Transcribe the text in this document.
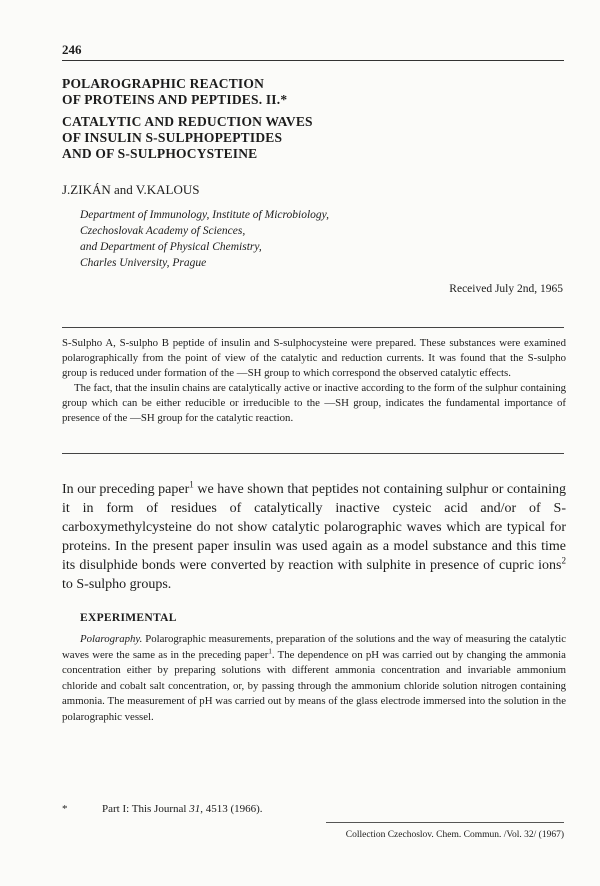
246
POLAROGRAPHIC REACTION
OF PROTEINS AND PEPTIDES. II.*
CATALYTIC AND REDUCTION WAVES
OF INSULIN S-SULPHOPEPTIDES
AND OF S-SULPHOCYSTEINE
J.ZIKÁN and V.KALOUS
Department of Immunology, Institute of Microbiology,
Czechoslovak Academy of Sciences,
and Department of Physical Chemistry,
Charles University, Prague
Received July 2nd, 1965

S-Sulpho A, S-sulpho B peptide of insulin and S-sulphocysteine were prepared. These substances were examined polarographically from the point of view of the catalytic and reduction currents. It was found that the S-sulpho group is reduced under formation of the —SH group to which correspond the observed catalytic effects.

The fact, that the insulin chains are catalytically active or inactive according to the form of the sulphur containing group which can be either reducible or irreducible to the —SH group, indicates the fundamental importance of presence of the —SH group for the catalytic reaction.

In our preceding paper$^1$ we have shown that peptides not containing sulphur or containing it in form of residues of catalytically inactive cysteic acid and/or of S-carboxymethylcysteine do not show catalytic polarographic waves which are typical for proteins. In the present paper insulin was used again as a model substance and this time its disulphide bonds were converted by reaction with sulphite in presence of cupric ions$^2$ to S-sulpho groups.

EXPERIMENTAL

Polarography. Polarographic measurements, preparation of the solutions and the way of measuring the catalytic waves were the same as in the preceding paper$^1$. The dependence on pH was carried out by changing the ammonia concentration either by preparing solutions with different ammonia concentration and invariable ammonium chloride and cobalt salt concentration, or, by passing through the ammonium chloride solution nitrogen containing ammonia. The measurement of pH was carried out by means of the glass electrode immersed into the solution in the polarographic vessel.

*	Part I: This Journal 31, 4513 (1966).
Collection Czechoslov. Chem. Commun. /Vol. 32/ (1967)
